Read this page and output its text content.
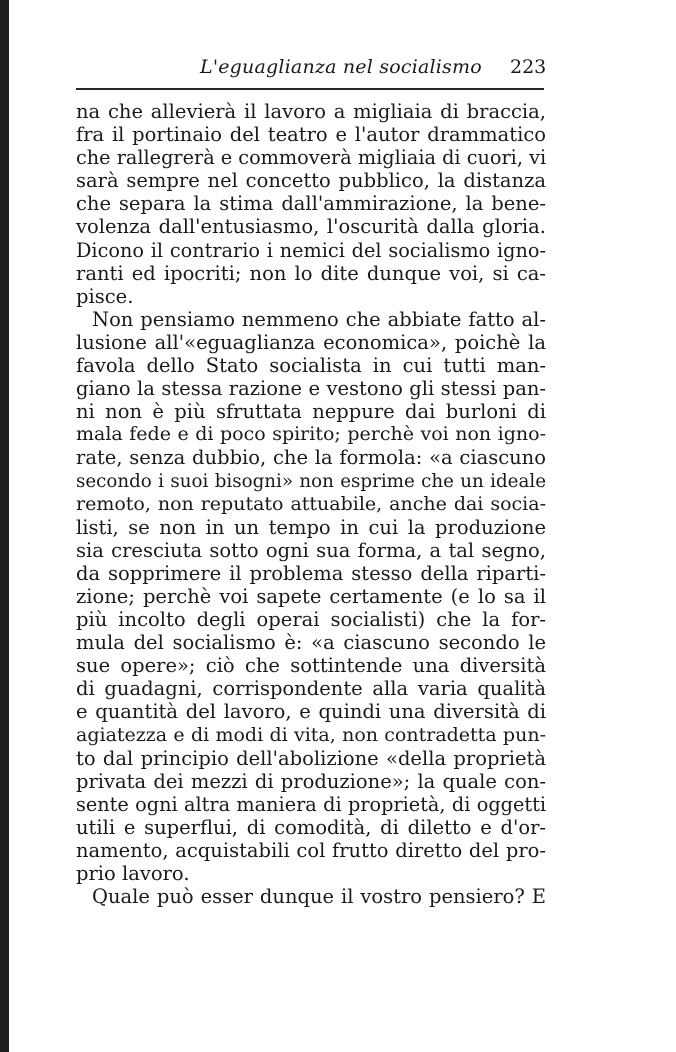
L'eguaglianza nel socialismo 223
na che allevierà il lavoro a migliaia di braccia,
fra il portinaio del teatro e l'autor drammatico
che rallegrerà e commoverà migliaia di cuori, vi
sarà sempre nel concetto pubblico, la distanza
che separa la stima dall'ammirazione, la bene-
volenza dall'entusiasmo, l'oscurità dalla gloria.
Dicono il contrario i nemici del socialismo igno-
ranti ed ipocriti; non lo dite dunque voi, si ca-
pisce.
Non pensiamo nemmeno che abbiate fatto al-
lusione all'«eguaglianza economica», poichè la
favola dello Stato socialista in cui tutti man-
giano la stessa razione e vestono gli stessi pan-
ni non è più sfruttata neppure dai burloni di
mala fede e di poco spirito; perchè voi non igno-
rate, senza dubbio, che la formola: «a ciascuno
secondo i suoi bisogni» non esprime che un ideale
remoto, non reputato attuabile, anche dai socia-
listi, se non in un tempo in cui la produzione
sia cresciuta sotto ogni sua forma, a tal segno,
da sopprimere il problema stesso della riparti-
zione; perchè voi sapete certamente (e lo sa il
più incolto degli operai socialisti) che la for-
mula del socialismo è: «a ciascuno secondo le
sue opere»; ciò che sottintende una diversità
di guadagni, corrispondente alla varia qualità
e quantità del lavoro, e quindi una diversità di
agiatezza e di modi di vita, non contradetta pun-
to dal principio dell'abolizione «della proprietà
privata dei mezzi di produzione»; la quale con-
sente ogni altra maniera di proprietà, di oggetti
utili e superflui, di comodità, di diletto e d'or-
namento, acquistabili col frutto diretto del pro-
prio lavoro.
Quale può esser dunque il vostro pensiero? E
